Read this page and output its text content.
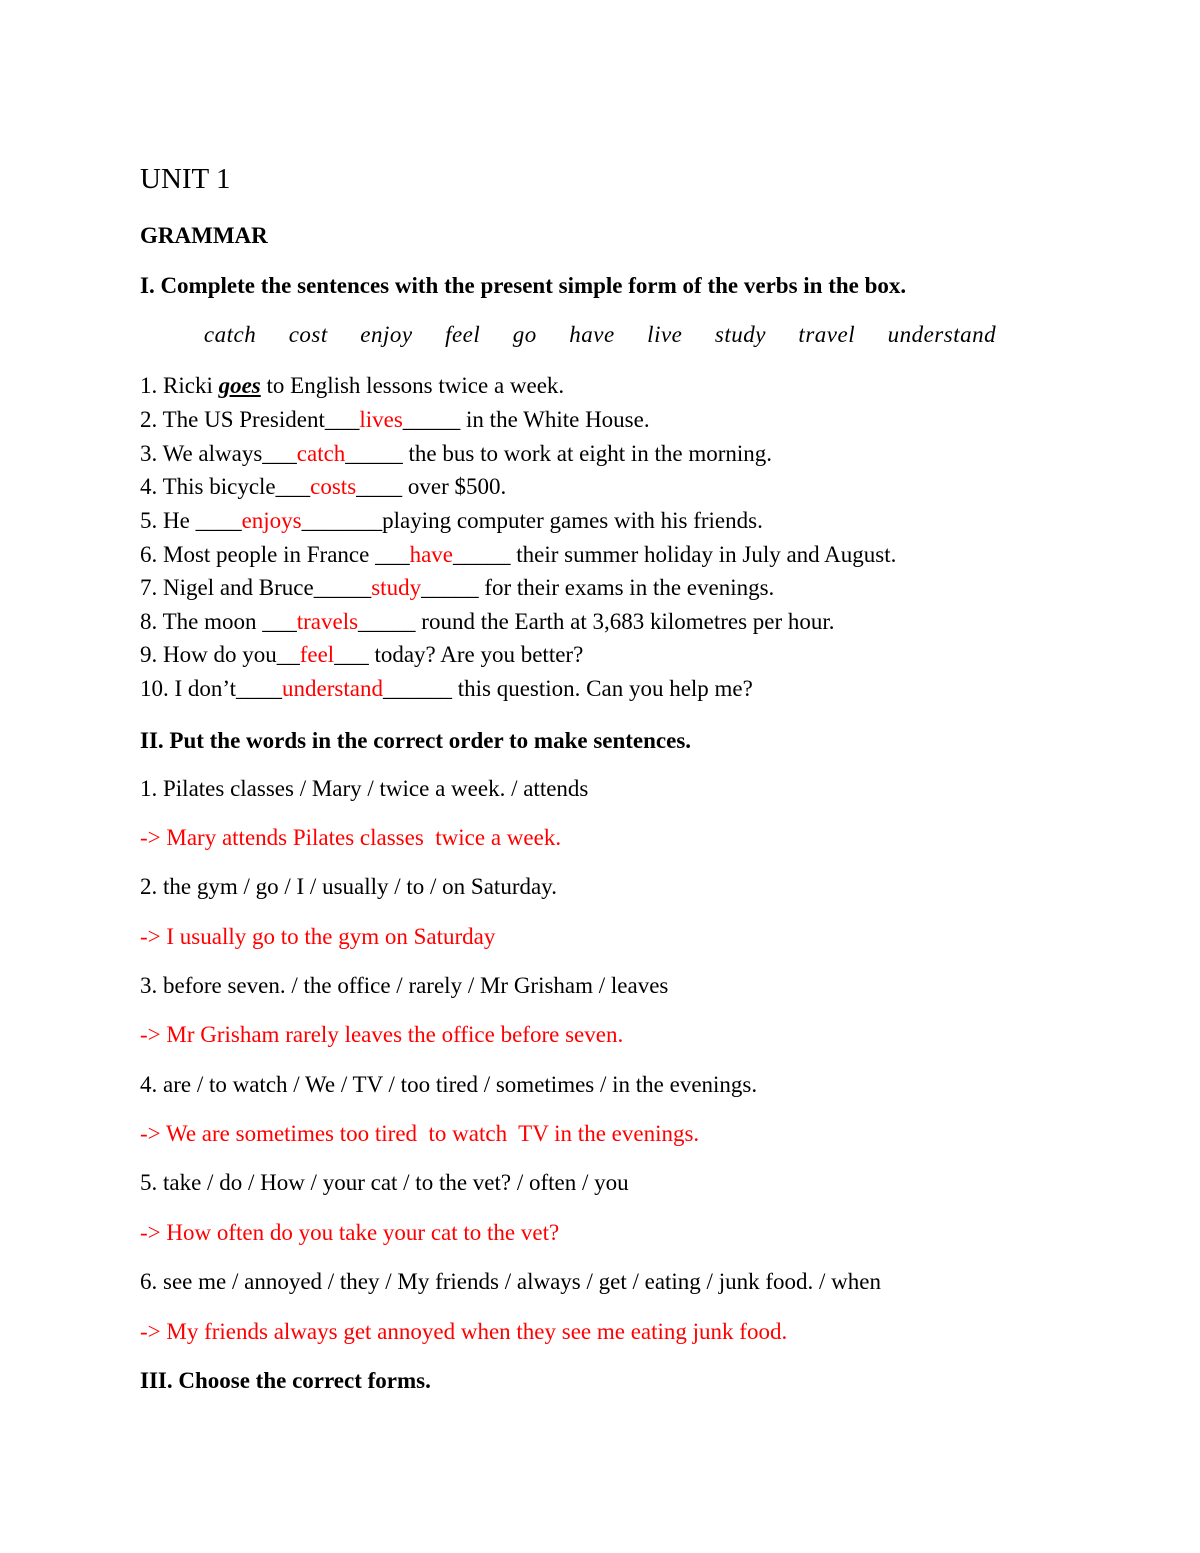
UNIT 1
GRAMMAR
I. Complete the sentences with the present simple form of the verbs in the box.
catch  cost  enjoy  feel  go  have  live  study  travel  understand
1. Ricki goes to English lessons twice a week.
2. The US President___lives_____ in the White House.
3. We always___catch_____ the bus to work at eight in the morning.
4. This bicycle___costs____ over $500.
5. He ____enjoys_______playing computer games with his friends.
6. Most people in France ___have_____ their summer holiday in July and August.
7. Nigel and Bruce_____study_____ for their exams in the evenings.
8. The moon ___travels_____ round the Earth at 3,683 kilometres per hour.
9. How do you__feel___ today? Are you better?
10. I don’t____understand______ this question. Can you help me?
II. Put the words in the correct order to make sentences.
1. Pilates classes / Mary / twice a week. / attends
-> Mary attends Pilates classes  twice a week.
2. the gym / go / I / usually / to / on Saturday.
-> I usually go to the gym on Saturday
3. before seven. / the office / rarely / Mr Grisham / leaves
-> Mr Grisham rarely leaves the office before seven.
4. are / to watch / We / TV / too tired / sometimes / in the evenings.
-> We are sometimes too tired  to watch  TV in the evenings.
5. take / do / How / your cat / to the vet? / often / you
-> How often do you take your cat to the vet?
6. see me / annoyed / they / My friends / always / get / eating / junk food. / when
-> My friends always get annoyed when they see me eating junk food.
III. Choose the correct forms.
